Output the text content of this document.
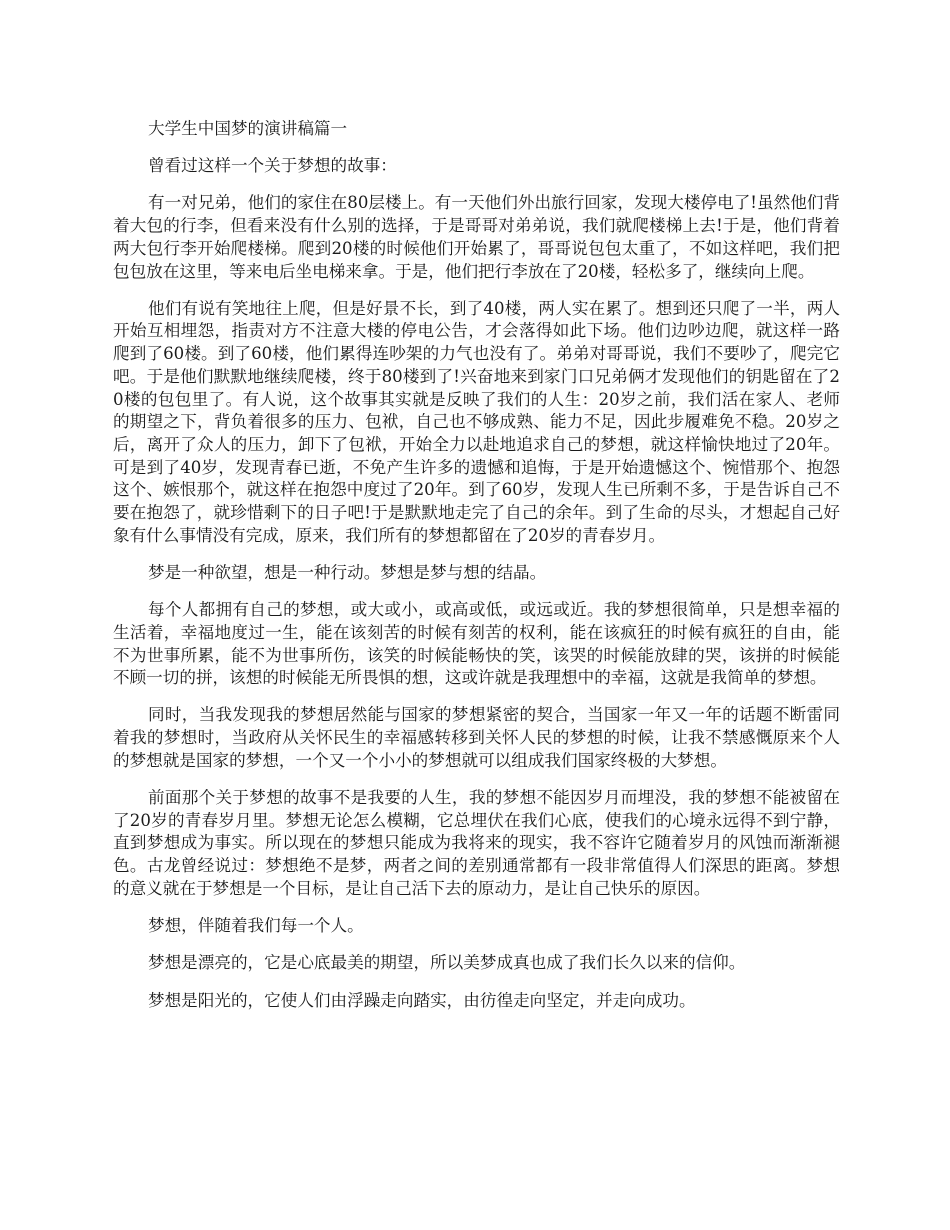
大学生中国梦的演讲稿篇一

曾看过这样一个关于梦想的故事：

有一对兄弟，他们的家住在80层楼上。有一天他们外出旅行回家，发现大楼停电了!虽然他们背着大包的行李，但看来没有什么别的选择，于是哥哥对弟弟说，我们就爬楼梯上去!于是，他们背着两大包行李开始爬楼梯。爬到20楼的时候他们开始累了，哥哥说包包太重了，不如这样吧，我们把包包放在这里，等来电后坐电梯来拿。于是，他们把行李放在了20楼，轻松多了，继续向上爬。

他们有说有笑地往上爬，但是好景不长，到了40楼，两人实在累了。想到还只爬了一半，两人开始互相埋怨，指责对方不注意大楼的停电公告，才会落得如此下场。他们边吵边爬，就这样一路爬到了60楼。到了60楼，他们累得连吵架的力气也没有了。弟弟对哥哥说，我们不要吵了，爬完它吧。于是他们默默地继续爬楼，终于80楼到了!兴奋地来到家门口兄弟俩才发现他们的钥匙留在了20楼的包包里了。有人说，这个故事其实就是反映了我们的人生：20岁之前，我们活在家人、老师的期望之下，背负着很多的压力、包袱，自己也不够成熟、能力不足，因此步履难免不稳。20岁之后，离开了众人的压力，卸下了包袱，开始全力以赴地追求自己的梦想，就这样愉快地过了20年。可是到了40岁，发现青春已逝，不免产生许多的遗憾和追悔，于是开始遗憾这个、惋惜那个、抱怨这个、嫉恨那个，就这样在抱怨中度过了20年。到了60岁，发现人生已所剩不多，于是告诉自己不要在抱怨了，就珍惜剩下的日子吧!于是默默地走完了自己的余年。到了生命的尽头，才想起自己好象有什么事情没有完成，原来，我们所有的梦想都留在了20岁的青春岁月。

梦是一种欲望，想是一种行动。梦想是梦与想的结晶。

每个人都拥有自己的梦想，或大或小，或高或低，或远或近。我的梦想很简单，只是想幸福的生活着，幸福地度过一生，能在该刻苦的时候有刻苦的权利，能在该疯狂的时候有疯狂的自由，能不为世事所累，能不为世事所伤，该笑的时候能畅快的笑，该哭的时候能放肆的哭，该拼的时候能不顾一切的拼，该想的时候能无所畏惧的想，这或许就是我理想中的幸福，这就是我简单的梦想。

同时，当我发现我的梦想居然能与国家的梦想紧密的契合，当国家一年又一年的话题不断雷同着我的梦想时，当政府从关怀民生的幸福感转移到关怀人民的梦想的时候，让我不禁感慨原来个人的梦想就是国家的梦想，一个又一个小小的梦想就可以组成我们国家终极的大梦想。

前面那个关于梦想的故事不是我要的人生，我的梦想不能因岁月而埋没，我的梦想不能被留在了20岁的青春岁月里。梦想无论怎么模糊，它总埋伏在我们心底，使我们的心境永远得不到宁静，直到梦想成为事实。所以现在的梦想只能成为我将来的现实，我不容许它随着岁月的风蚀而渐渐褪色。古龙曾经说过：梦想绝不是梦，两者之间的差别通常都有一段非常值得人们深思的距离。梦想的意义就在于梦想是一个目标，是让自己活下去的原动力，是让自己快乐的原因。

梦想，伴随着我们每一个人。

梦想是漂亮的，它是心底最美的期望，所以美梦成真也成了我们长久以来的信仰。

梦想是阳光的，它使人们由浮躁走向踏实，由彷徨走向坚定，并走向成功。
